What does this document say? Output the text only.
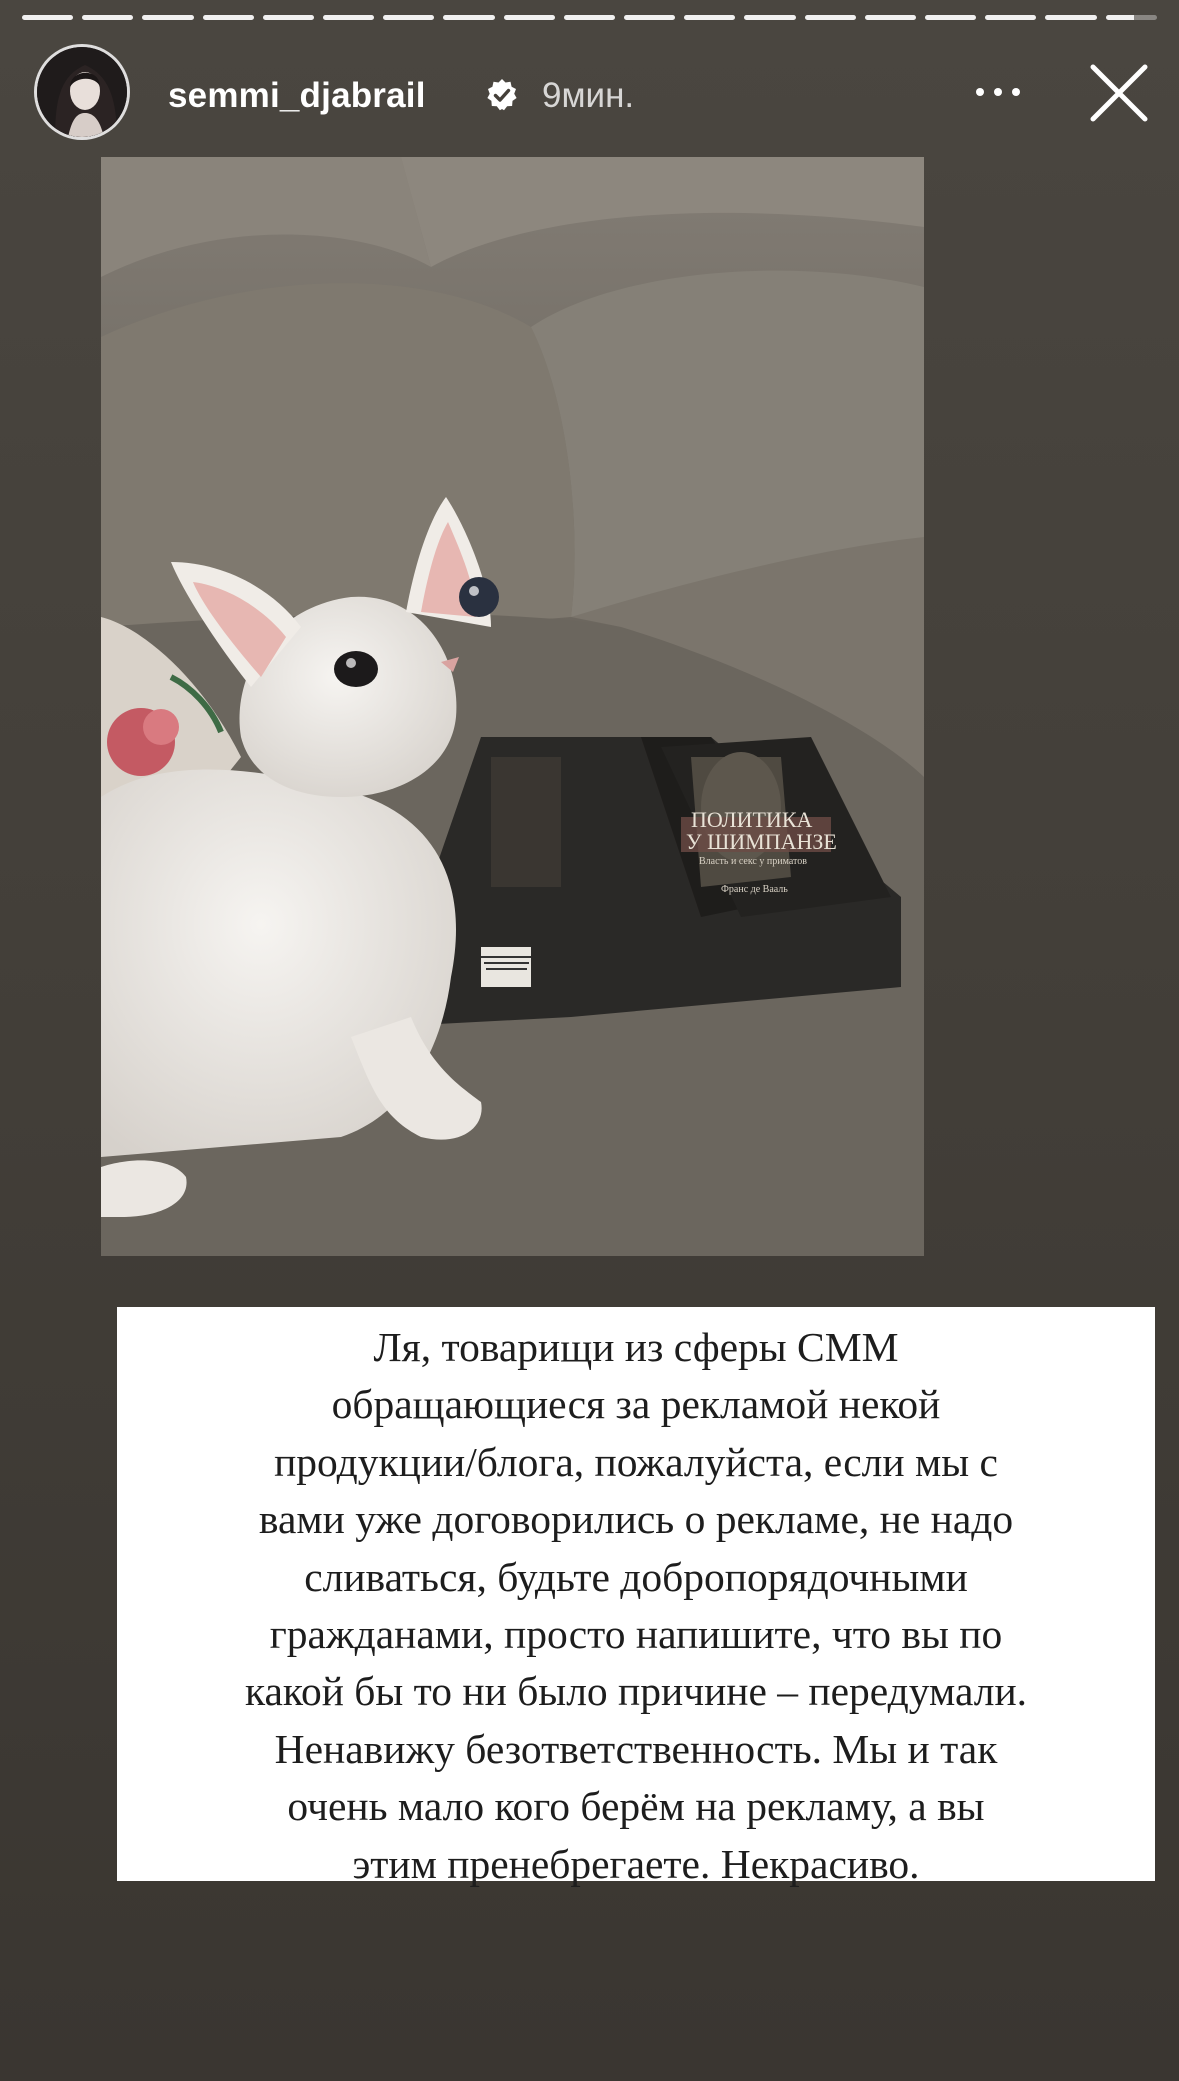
semmi_djabrail	9мин.
ПОЛИТИКА
У ШИМПАНЗЕ
Власть и секс у приматов
Франс де Вааль
Ля, товарищи из сферы СММ
обращающиеся за рекламой некой
продукции/блога, пожалуйста, если мы с
вами уже договорились о рекламе, не надо
сливаться, будьте добропорядочными
гражданами, просто напишите, что вы по
какой бы то ни было причине – передумали.
Ненавижу безответственность. Мы и так
очень мало кого берём на рекламу, а вы
этим пренебрегаете. Некрасиво.
